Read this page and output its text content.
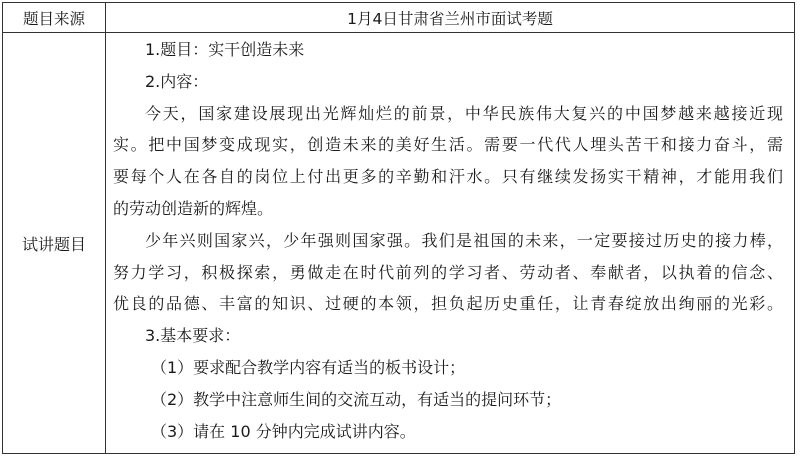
题目来源	1月4日甘肃省兰州市面试考题
试讲题目
1.题目：实干创造未来
2.内容：
今天，国家建设展现出光辉灿烂的前景，中华民族伟大复兴的中国梦越来越接近现
实。把中国梦变成现实，创造未来的美好生活。需要一代代人埋头苦干和接力奋斗，需
要每个人在各自的岗位上付出更多的辛勤和汗水。只有继续发扬实干精神，才能用我们
的劳动创造新的辉煌。
少年兴则国家兴，少年强则国家强。我们是祖国的未来，一定要接过历史的接力棒，
努力学习，积极探索，勇做走在时代前列的学习者、劳动者、奉献者，以执着的信念、
优良的品德、丰富的知识、过硬的本领，担负起历史重任，让青春绽放出绚丽的光彩。
3.基本要求：
（1）要求配合教学内容有适当的板书设计；
（2）教学中注意师生间的交流互动，有适当的提问环节；
（3）请在 10 分钟内完成试讲内容。
